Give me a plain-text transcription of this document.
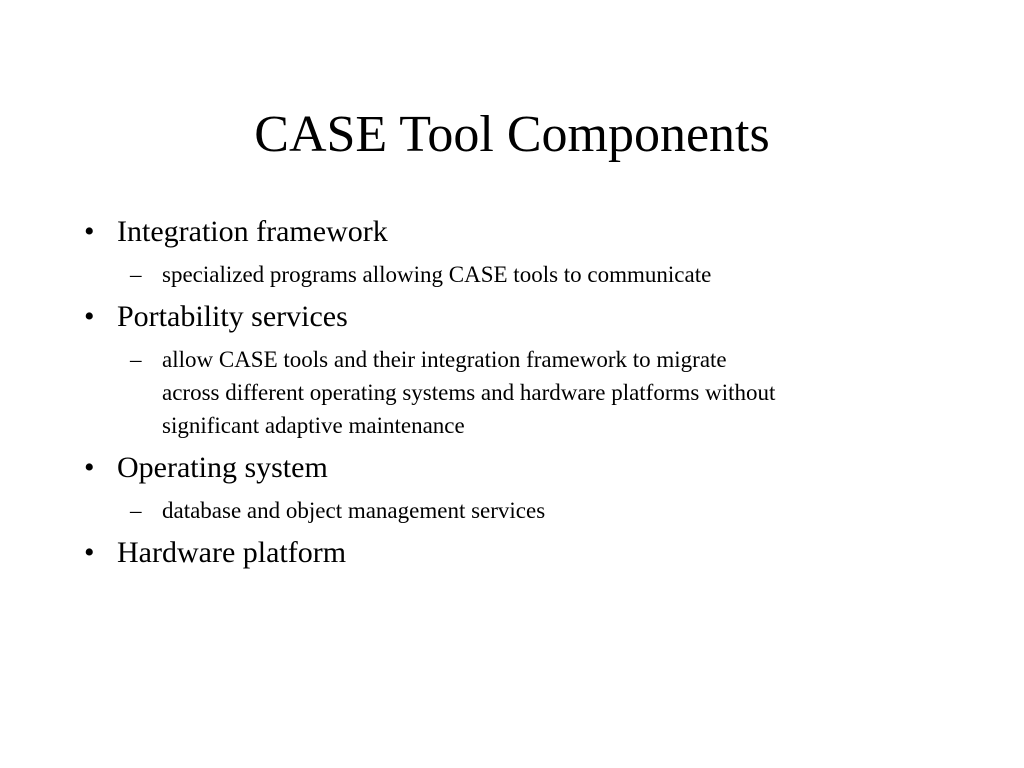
CASE Tool Components
• Integration framework
– specialized programs allowing CASE tools to communicate
• Portability services
– allow CASE tools and their integration framework to migrate
across different operating systems and hardware platforms without
significant adaptive maintenance
• Operating system
– database and object management services
• Hardware platform
